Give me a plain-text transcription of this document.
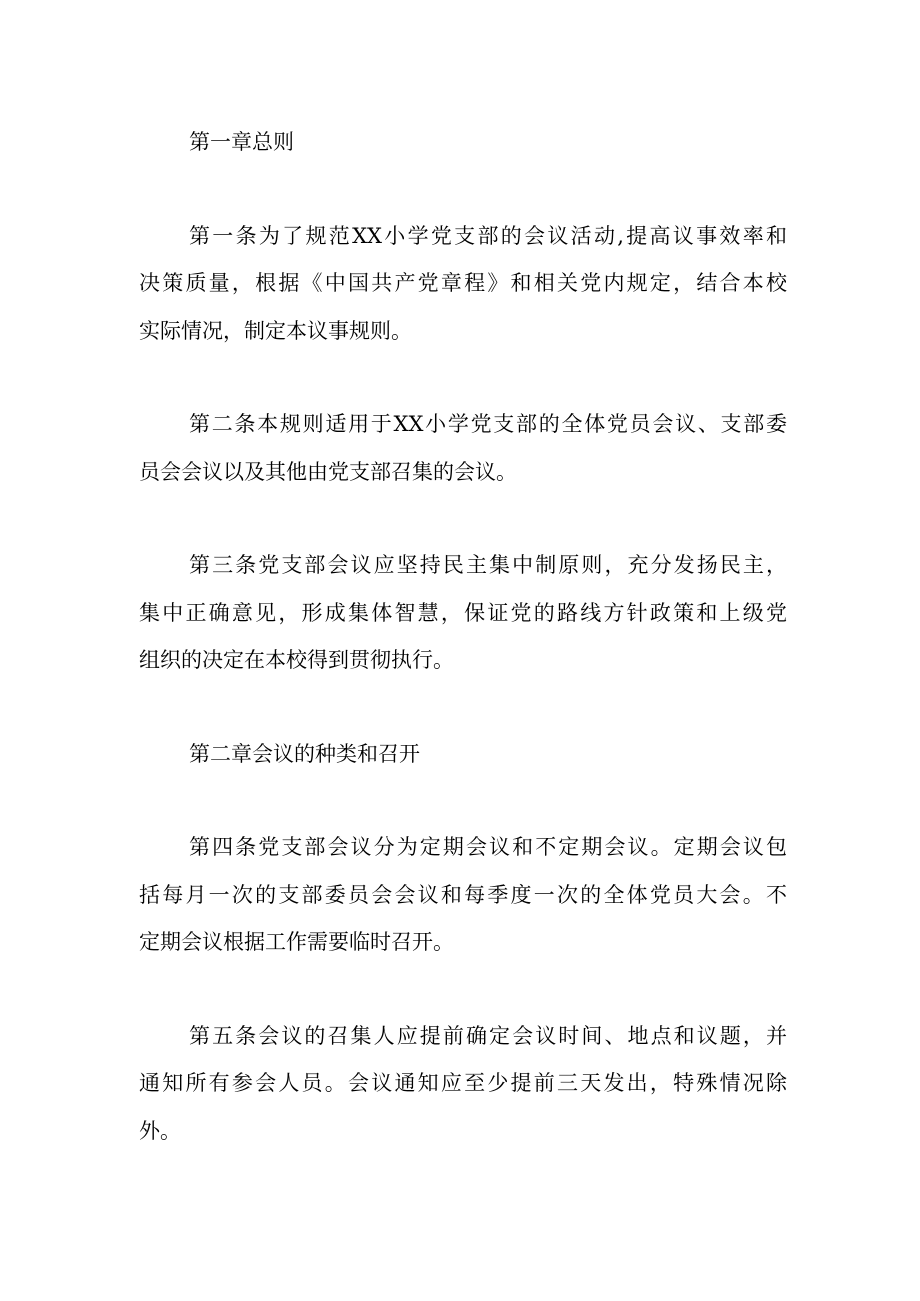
第一章总则
第一条为了规范XX小学党支部的会议活动,提高议事效率和
决策质量，根据《中国共产党章程》和相关党内规定，结合本校
实际情况，制定本议事规则。
第二条本规则适用于XX小学党支部的全体党员会议、支部委
员会会议以及其他由党支部召集的会议。
第三条党支部会议应坚持民主集中制原则，充分发扬民主，
集中正确意见，形成集体智慧，保证党的路线方针政策和上级党
组织的决定在本校得到贯彻执行。
第二章会议的种类和召开
第四条党支部会议分为定期会议和不定期会议。定期会议包
括每月一次的支部委员会会议和每季度一次的全体党员大会。不
定期会议根据工作需要临时召开。
第五条会议的召集人应提前确定会议时间、地点和议题，并
通知所有参会人员。会议通知应至少提前三天发出，特殊情况除
外。
